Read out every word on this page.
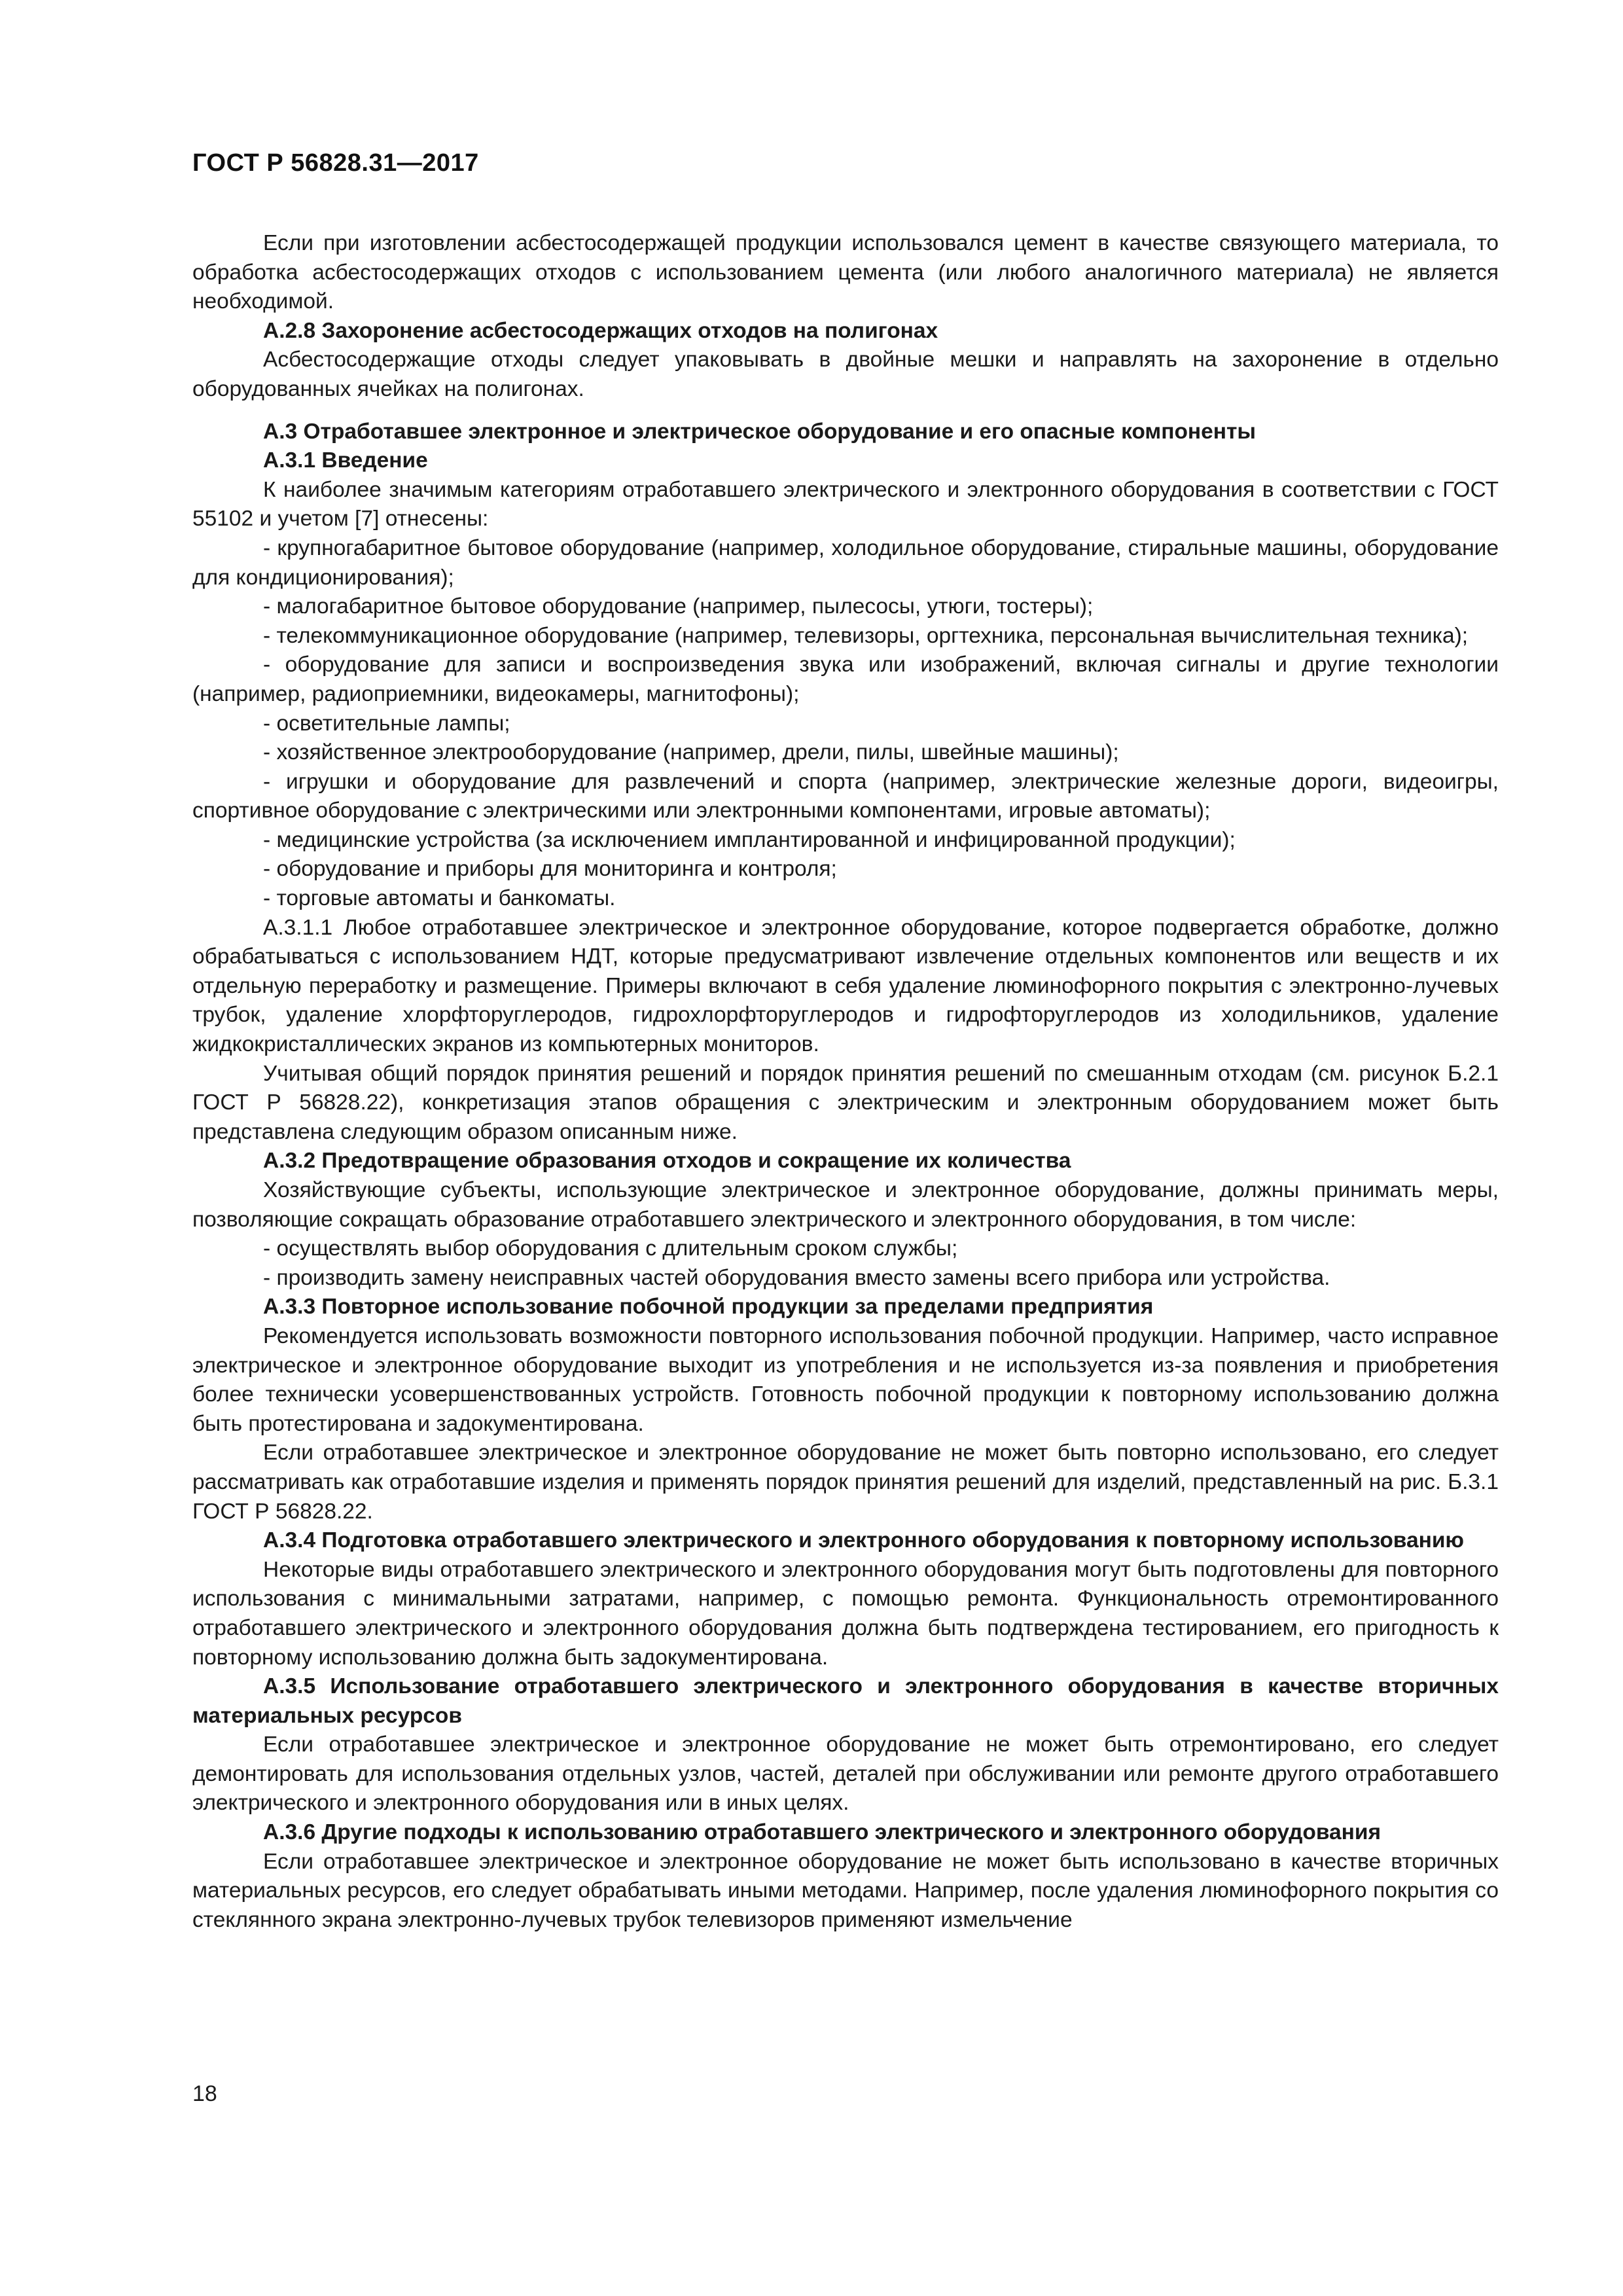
ГОСТ Р 56828.31—2017

Если при изготовлении асбестосодержащей продукции использовался цемент в качестве связующего материала, то обработка асбестосодержащих отходов с использованием цемента (или любого аналогичного материала) не является необходимой.

А.2.8 Захоронение асбестосодержащих отходов на полигонах

Асбестосодержащие отходы следует упаковывать в двойные мешки и направлять на захоронение в отдельно оборудованных ячейках на полигонах.

А.3 Отработавшее электронное и электрическое оборудование и его опасные компоненты

А.3.1 Введение

К наиболее значимым категориям отработавшего электрического и электронного оборудования в соответствии с ГОСТ 55102 и учетом [7] отнесены:

- крупногабаритное бытовое оборудование (например, холодильное оборудование, стиральные машины, оборудование для кондиционирования);

- малогабаритное бытовое оборудование (например, пылесосы, утюги, тостеры);

- телекоммуникационное оборудование (например, телевизоры, оргтехника, персональная вычислительная техника);

- оборудование для записи и воспроизведения звука или изображений, включая сигналы и другие технологии (например, радиоприемники, видеокамеры, магнитофоны);

- осветительные лампы;

- хозяйственное электрооборудование (например, дрели, пилы, швейные машины);

- игрушки и оборудование для развлечений и спорта (например, электрические железные дороги, видеоигры, спортивное оборудование с электрическими или электронными компонентами, игровые автоматы);

- медицинские устройства (за исключением имплантированной и инфицированной продукции);

- оборудование и приборы для мониторинга и контроля;

- торговые автоматы и банкоматы.

А.3.1.1 Любое отработавшее электрическое и электронное оборудование, которое подвергается обработке, должно обрабатываться с использованием НДТ, которые предусматривают извлечение отдельных компонентов или веществ и их отдельную переработку и размещение. Примеры включают в себя удаление люминофорного покрытия с электронно-лучевых трубок, удаление хлорфторуглеродов, гидрохлорфторуглеродов и гидрофторуглеродов из холодильников, удаление жидкокристаллических экранов из компьютерных мониторов.

Учитывая общий порядок принятия решений и порядок принятия решений по смешанным отходам (см. рисунок Б.2.1 ГОСТ Р 56828.22), конкретизация этапов обращения с электрическим и электронным оборудованием может быть представлена следующим образом описанным ниже.

А.3.2 Предотвращение образования отходов и сокращение их количества

Хозяйствующие субъекты, использующие электрическое и электронное оборудование, должны принимать меры, позволяющие сокращать образование отработавшего электрического и электронного оборудования, в том числе:

- осуществлять выбор оборудования с длительным сроком службы;

- производить замену неисправных частей оборудования вместо замены всего прибора или устройства.

А.3.3 Повторное использование побочной продукции за пределами предприятия

Рекомендуется использовать возможности повторного использования побочной продукции. Например, часто исправное электрическое и электронное оборудование выходит из употребления и не используется из-за появления и приобретения более технически усовершенствованных устройств. Готовность побочной продукции к повторному использованию должна быть протестирована и задокументирована.

Если отработавшее электрическое и электронное оборудование не может быть повторно использовано, его следует рассматривать как отработавшие изделия и применять порядок принятия решений для изделий, представленный на рис. Б.3.1 ГОСТ Р 56828.22.

А.3.4 Подготовка отработавшего электрического и электронного оборудования к повторному использованию

Некоторые виды отработавшего электрического и электронного оборудования могут быть подготовлены для повторного использования с минимальными затратами, например, с помощью ремонта. Функциональность отремонтированного отработавшего электрического и электронного оборудования должна быть подтверждена тестированием, его пригодность к повторному использованию должна быть задокументирована.

А.3.5 Использование отработавшего электрического и электронного оборудования в качестве вторичных материальных ресурсов

Если отработавшее электрическое и электронное оборудование не может быть отремонтировано, его следует демонтировать для использования отдельных узлов, частей, деталей при обслуживании или ремонте другого отработавшего электрического и электронного оборудования или в иных целях.

А.3.6 Другие подходы к использованию отработавшего электрического и электронного оборудования

Если отработавшее электрическое и электронное оборудование не может быть использовано в качестве вторичных материальных ресурсов, его следует обрабатывать иными методами. Например, после удаления люминофорного покрытия со стеклянного экрана электронно-лучевых трубок телевизоров применяют измельчение

18
